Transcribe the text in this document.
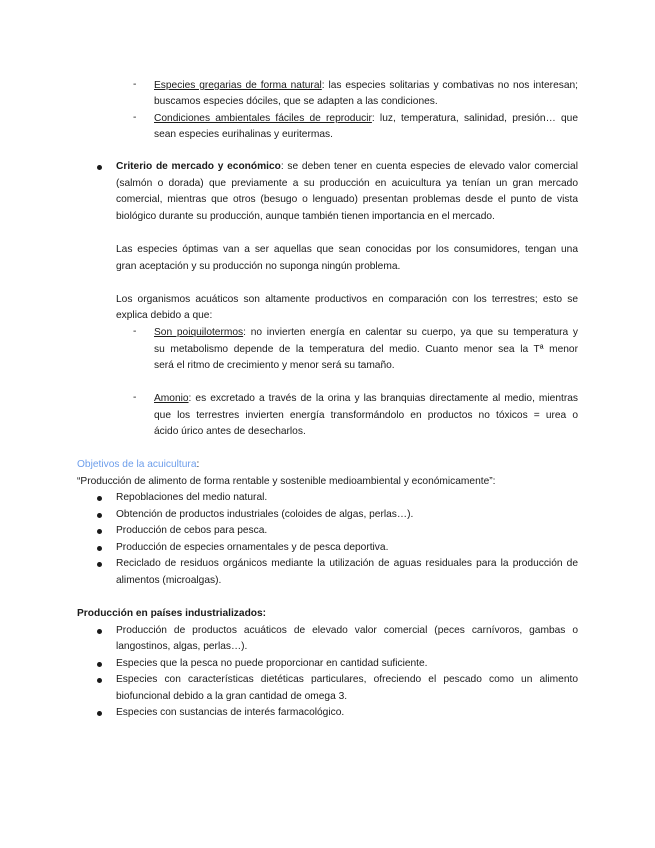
- Especies gregarias de forma natural: las especies solitarias y combativas no nos interesan;
buscamos especies dóciles, que se adapten a las condiciones.
- Condiciones ambientales fáciles de reproducir: luz, temperatura, salinidad, presión… que
sean especies eurihalinas y euritermas.
Criterio de mercado y económico: se deben tener en cuenta especies de elevado valor comercial
(salmón o dorada) que previamente a su producción en acuicultura ya tenían un gran mercado
comercial, mientras que otros (besugo o lenguado) presentan problemas desde el punto de vista
biológico durante su producción, aunque también tienen importancia en el mercado.
Las especies óptimas van a ser aquellas que sean conocidas por los consumidores, tengan una
gran aceptación y su producción no suponga ningún problema.
Los organismos acuáticos son altamente productivos en comparación con los terrestres; esto se
explica debido a que:
- Son poiquilotermos: no invierten energía en calentar su cuerpo, ya que su temperatura y
su metabolismo depende de la temperatura del medio. Cuanto menor sea la Tª menor
será el ritmo de crecimiento y menor será su tamaño.
- Amonio: es excretado a través de la orina y las branquias directamente al medio, mientras
que los terrestres invierten energía transformándolo en productos no tóxicos = urea o
ácido úrico antes de desecharlos.
Objetivos de la acuicultura:
“Producción de alimento de forma rentable y sostenible medioambiental y económicamente”:
Repoblaciones del medio natural.
Obtención de productos industriales (coloides de algas, perlas…).
Producción de cebos para pesca.
Producción de especies ornamentales y de pesca deportiva.
Reciclado de residuos orgánicos mediante la utilización de aguas residuales para la producción de
alimentos (microalgas).
Producción en países industrializados:
Producción de productos acuáticos de elevado valor comercial (peces carnívoros, gambas o
langostinos, algas, perlas…).
Especies que la pesca no puede proporcionar en cantidad suficiente.
Especies con características dietéticas particulares, ofreciendo el pescado como un alimento
biofuncional debido a la gran cantidad de omega 3.
Especies con sustancias de interés farmacológico.
